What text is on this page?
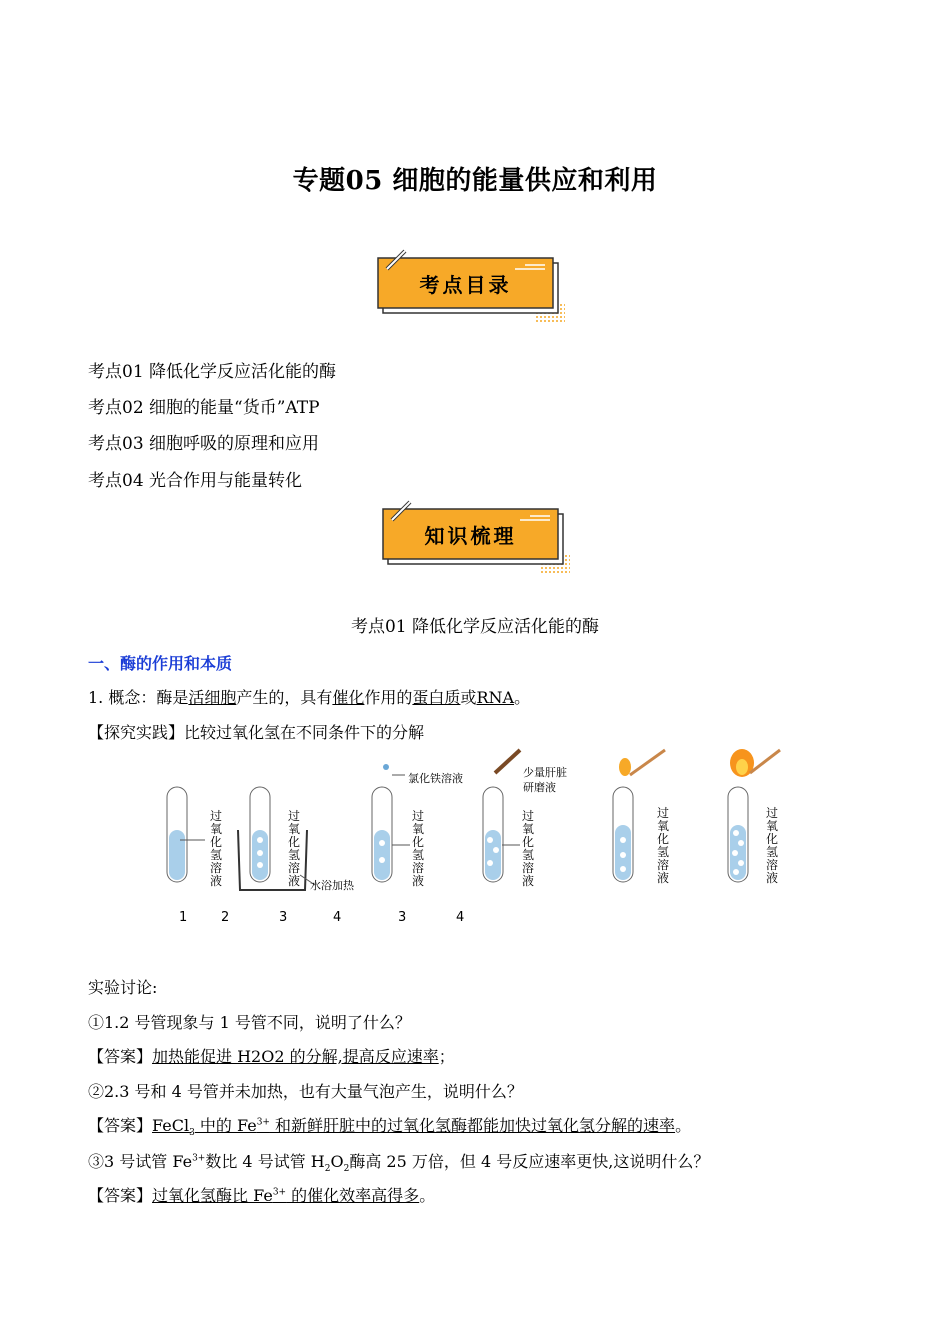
专题05 细胞的能量供应和利用
考点目录
考点01 降低化学反应活化能的酶
考点02 细胞的能量“货币”ATP
考点03 细胞呼吸的原理和应用
考点04 光合作用与能量转化
知识梳理
考点01 降低化学反应活化能的酶
一、酶的作用和本质
1. 概念：酶是活细胞产生的，具有催化作用的蛋白质或RNA。
【探究实践】比较过氧化氢在不同条件下的分解
过氧化氢溶液
过氧化氢溶液
过氧化氢溶液
过氧化氢溶液
过氧化氢溶液
过氧化氢溶液
水浴加热
氯化铁溶液	少量肝脏
研磨液
1	2	3	4	3	4
实验讨论:
①1.2 号管现象与 1 号管不同，说明了什么？
【答案】加热能促进 H2O2 的分解,提高反应速率；
②2.3 号和 4 号管并未加热，也有大量气泡产生，说明什么？
【答案】FeCl$_3$ 中的 $Fe^{3+}$ 和新鲜肝脏中的过氧化氢酶都能加快过氧化氢分解的速率。
③3 号试管 $Fe^{3+}$数比 4 号试管 $H_2O_2$酶高 25 万倍，但 4 号反应速率更快,这说明什么？
【答案】过氧化氢酶比 $Fe^{3+}$ 的催化效率高得多。
